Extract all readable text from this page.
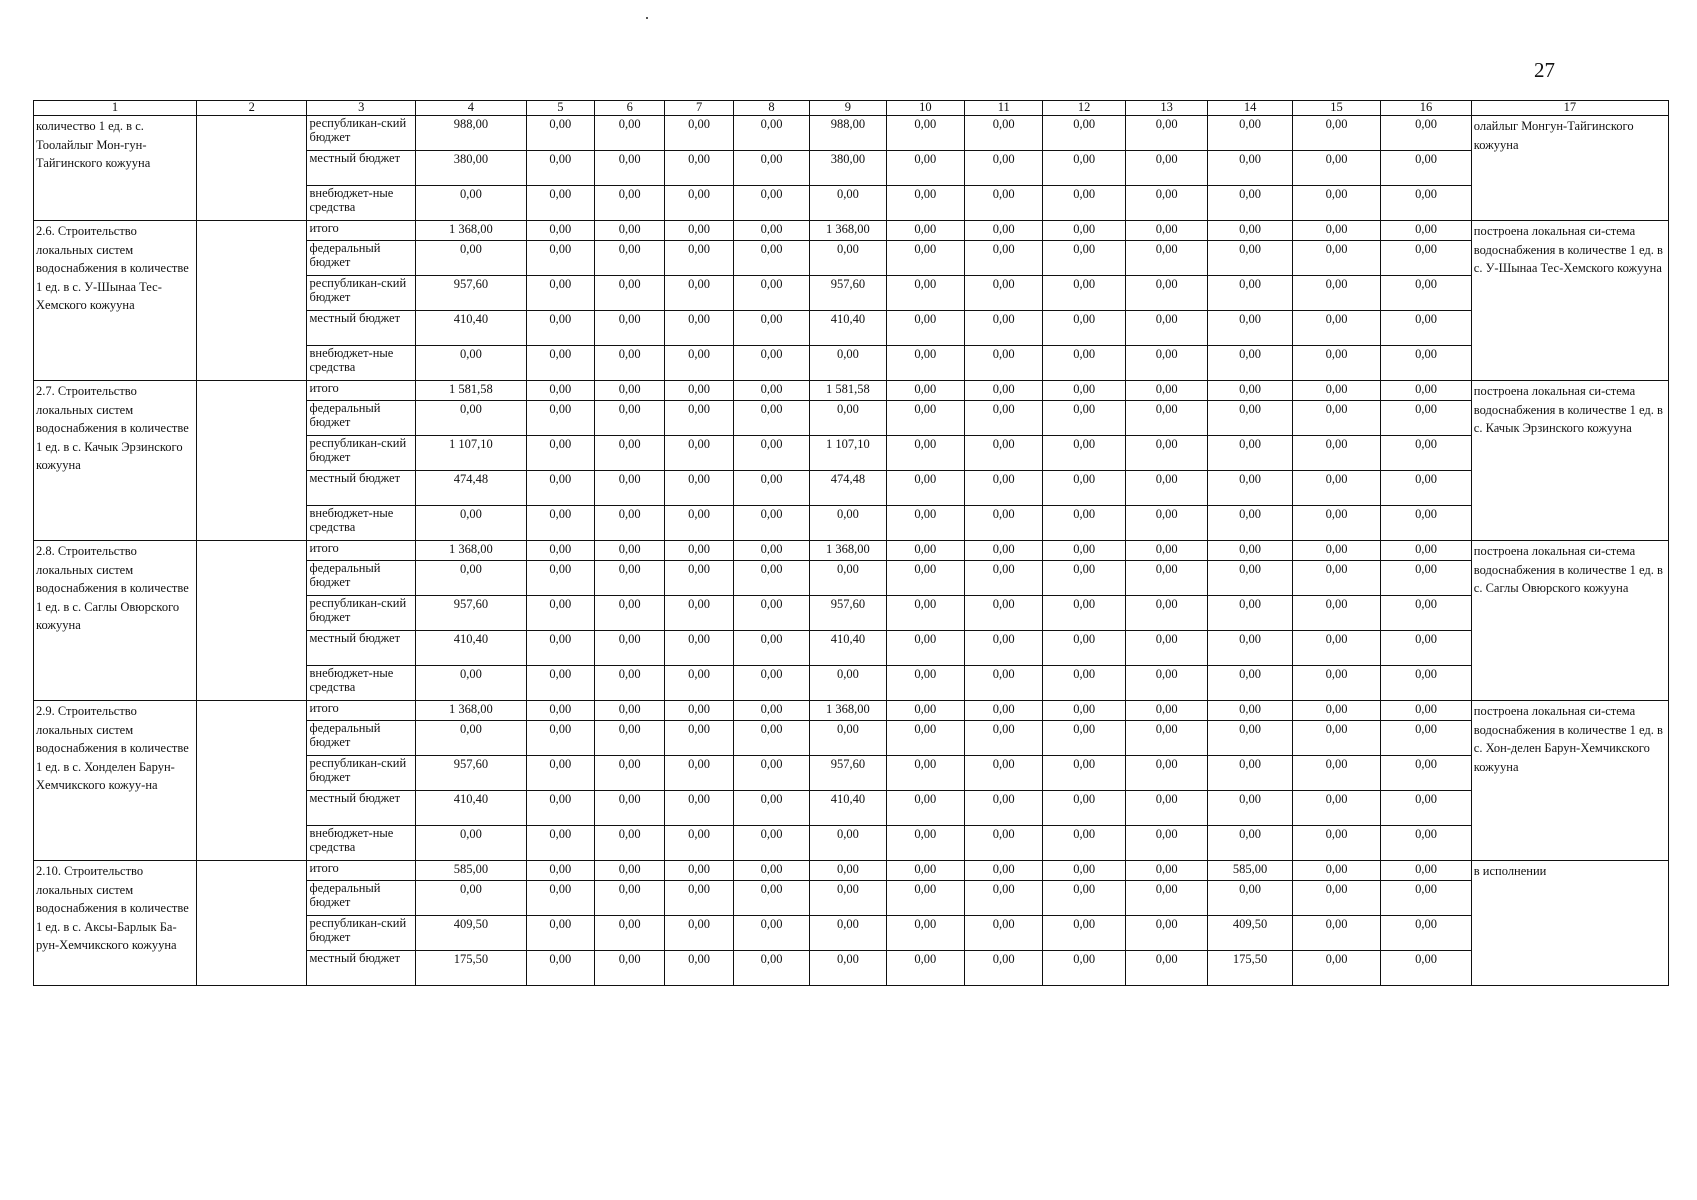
27
1	2	3	4	5	6	7	8	9	10	11	12	13	14	15	16	17
количество 1 ед. в с. Тоолайлыг Мон-гун-Тайгинского кожууна		республикан-ский бюджет	988,00	0,00	0,00	0,00	0,00	988,00	0,00	0,00	0,00	0,00	0,00	0,00	0,00	олайлыг Монгун-Тайгинского кожууна
		местный бюджет	380,00	0,00	0,00	0,00	0,00	380,00	0,00	0,00	0,00	0,00	0,00	0,00	0,00	
		внебюджет-ные средства	0,00	0,00	0,00	0,00	0,00	0,00	0,00	0,00	0,00	0,00	0,00	0,00	0,00	
2.6. Строительство локальных систем водоснабжения в количестве 1 ед. в с. У-Шынаа Тес-Хемского кожууна		итого	1 368,00	0,00	0,00	0,00	0,00	1 368,00	0,00	0,00	0,00	0,00	0,00	0,00	0,00	построена локальная си-стема водоснабжения в количестве 1 ед. в с. У-Шынаа Тес-Хемского кожууна
		федеральный бюджет	0,00	0,00	0,00	0,00	0,00	0,00	0,00	0,00	0,00	0,00	0,00	0,00	0,00	
		республикан-ский бюджет	957,60	0,00	0,00	0,00	0,00	957,60	0,00	0,00	0,00	0,00	0,00	0,00	0,00	
		местный бюджет	410,40	0,00	0,00	0,00	0,00	410,40	0,00	0,00	0,00	0,00	0,00	0,00	0,00	
		внебюджет-ные средства	0,00	0,00	0,00	0,00	0,00	0,00	0,00	0,00	0,00	0,00	0,00	0,00	0,00	
2.7. Строительство локальных систем водоснабжения в количестве 1 ед. в с. Качык Эрзинского кожууна		итого	1 581,58	0,00	0,00	0,00	0,00	1 581,58	0,00	0,00	0,00	0,00	0,00	0,00	0,00	построена локальная си-стема водоснабжения в количестве 1 ед. в с. Качык Эрзинского кожууна
		федеральный бюджет	0,00	0,00	0,00	0,00	0,00	0,00	0,00	0,00	0,00	0,00	0,00	0,00	0,00	
		республикан-ский бюджет	1 107,10	0,00	0,00	0,00	0,00	1 107,10	0,00	0,00	0,00	0,00	0,00	0,00	0,00	
		местный бюджет	474,48	0,00	0,00	0,00	0,00	474,48	0,00	0,00	0,00	0,00	0,00	0,00	0,00	
		внебюджет-ные средства	0,00	0,00	0,00	0,00	0,00	0,00	0,00	0,00	0,00	0,00	0,00	0,00	0,00	
2.8. Строительство локальных систем водоснабжения в количестве 1 ед. в с. Саглы Овюрского кожууна		итого	1 368,00	0,00	0,00	0,00	0,00	1 368,00	0,00	0,00	0,00	0,00	0,00	0,00	0,00	построена локальная си-стема водоснабжения в количестве 1 ед. в с. Саглы Овюрского кожууна
		федеральный бюджет	0,00	0,00	0,00	0,00	0,00	0,00	0,00	0,00	0,00	0,00	0,00	0,00	0,00	
		республикан-ский бюджет	957,60	0,00	0,00	0,00	0,00	957,60	0,00	0,00	0,00	0,00	0,00	0,00	0,00	
		местный бюджет	410,40	0,00	0,00	0,00	0,00	410,40	0,00	0,00	0,00	0,00	0,00	0,00	0,00	
		внебюджет-ные средства	0,00	0,00	0,00	0,00	0,00	0,00	0,00	0,00	0,00	0,00	0,00	0,00	0,00	
2.9. Строительство локальных систем водоснабжения в количестве 1 ед. в с. Хонделен Барун-Хемчикского кожуу-на		итого	1 368,00	0,00	0,00	0,00	0,00	1 368,00	0,00	0,00	0,00	0,00	0,00	0,00	0,00	построена локальная си-стема водоснабжения в количестве 1 ед. в с. Хон-делен Барун-Хемчикского кожууна
		федеральный бюджет	0,00	0,00	0,00	0,00	0,00	0,00	0,00	0,00	0,00	0,00	0,00	0,00	0,00	
		республикан-ский бюджет	957,60	0,00	0,00	0,00	0,00	957,60	0,00	0,00	0,00	0,00	0,00	0,00	0,00	
		местный бюджет	410,40	0,00	0,00	0,00	0,00	410,40	0,00	0,00	0,00	0,00	0,00	0,00	0,00	
		внебюджет-ные средства	0,00	0,00	0,00	0,00	0,00	0,00	0,00	0,00	0,00	0,00	0,00	0,00	0,00	
2.10. Строительство локальных систем водоснабжения в количестве 1 ед. в с. Аксы-Барлык Ба-рун-Хемчикского кожууна		итого	585,00	0,00	0,00	0,00	0,00	0,00	0,00	0,00	0,00	0,00	585,00	0,00	0,00	в исполнении
		федеральный бюджет	0,00	0,00	0,00	0,00	0,00	0,00	0,00	0,00	0,00	0,00	0,00	0,00	0,00	
		республикан-ский бюджет	409,50	0,00	0,00	0,00	0,00	0,00	0,00	0,00	0,00	0,00	409,50	0,00	0,00	
		местный бюджет	175,50	0,00	0,00	0,00	0,00	0,00	0,00	0,00	0,00	0,00	175,50	0,00	0,00	
